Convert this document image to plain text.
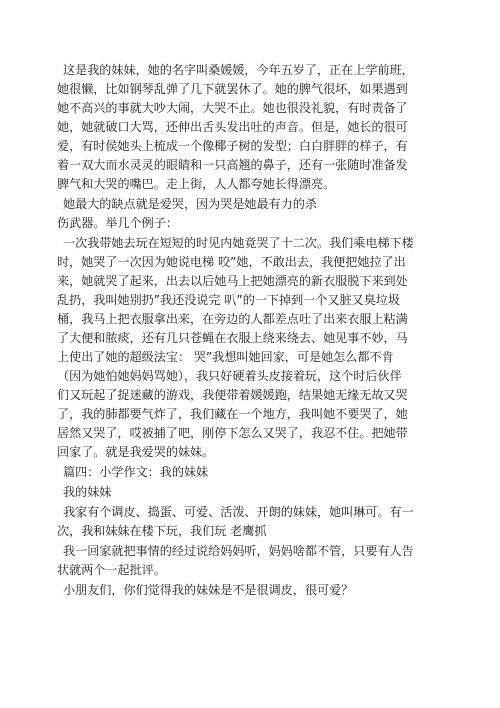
这是我的妹妹，她的名字叫桑媛媛，今年五岁了，正在上学前班，

她很懒，比如钢琴乱弹了几下就罢休了。她的脾气很坏，如果遇到

她不高兴的事就大吵大闹，大哭不止。她也很没礼貌，有时责备了

她，她就破口大骂，还伸出舌头发出吐的声音。但是，她长的很可

爱，有时侯她头上梳成一个像椰子树的发型；白白胖胖的样子，有

着一双大而水灵灵的眼睛和一只高翘的鼻子，还有一张随时准备发

脾气和大哭的嘴巴。走上街，人人都夸她长得漂亮。

她最大的缺点就是爱哭，因为哭是她最有力的杀

伤武器。举几个例子：

一次我带她去玩在短短的时见内她竟哭了十二次。我们乘电梯下楼

时，她哭了一次因为她说电梯 咬”她，不敢出去，我便把她拉了出

来，她就哭了起来，出去以后她马上把她漂亮的新衣服脱下来到处

乱扔，我叫她别扔”我还没说完 叭”的一下掉到一个又脏又臭垃圾

桶，我马上把衣服拿出来，在旁边的人都差点吐了出来衣服上粘满

了大便和脓痰，还有几只苍蝇在衣服上绕来绕去、她见事不妙，马

上使出了她的超级法宝： 哭”我想叫她回家，可是她怎么都不肯

（因为她怕她妈妈骂她），我只好硬着头皮接着玩，这个时后伙伴

们又玩起了捉迷藏的游戏，我便带着媛媛跑，结果她无缘无故又哭

了，我的肺都要气炸了，我们藏在一个地方，我叫她不要哭了，她

居然又哭了，哎被捕了吧，刚停下怎么又哭了，我忍不住。把她带

回家了。就是我爱哭的妹妹。

篇四：小学作文：我的妹妹

我的妹妹

我家有个调皮、捣蛋、可爱、活泼、开朗的妹妹，她叫琳可。有一

次，我和妹妹在楼下玩，我们玩 老鹰抓

我一回家就把事情的经过说给妈妈听，妈妈啥都不管，只要有人告

状就两个一起批评。

小朋友们，你们觉得我的妹妹是不是很调皮，很可爱？
